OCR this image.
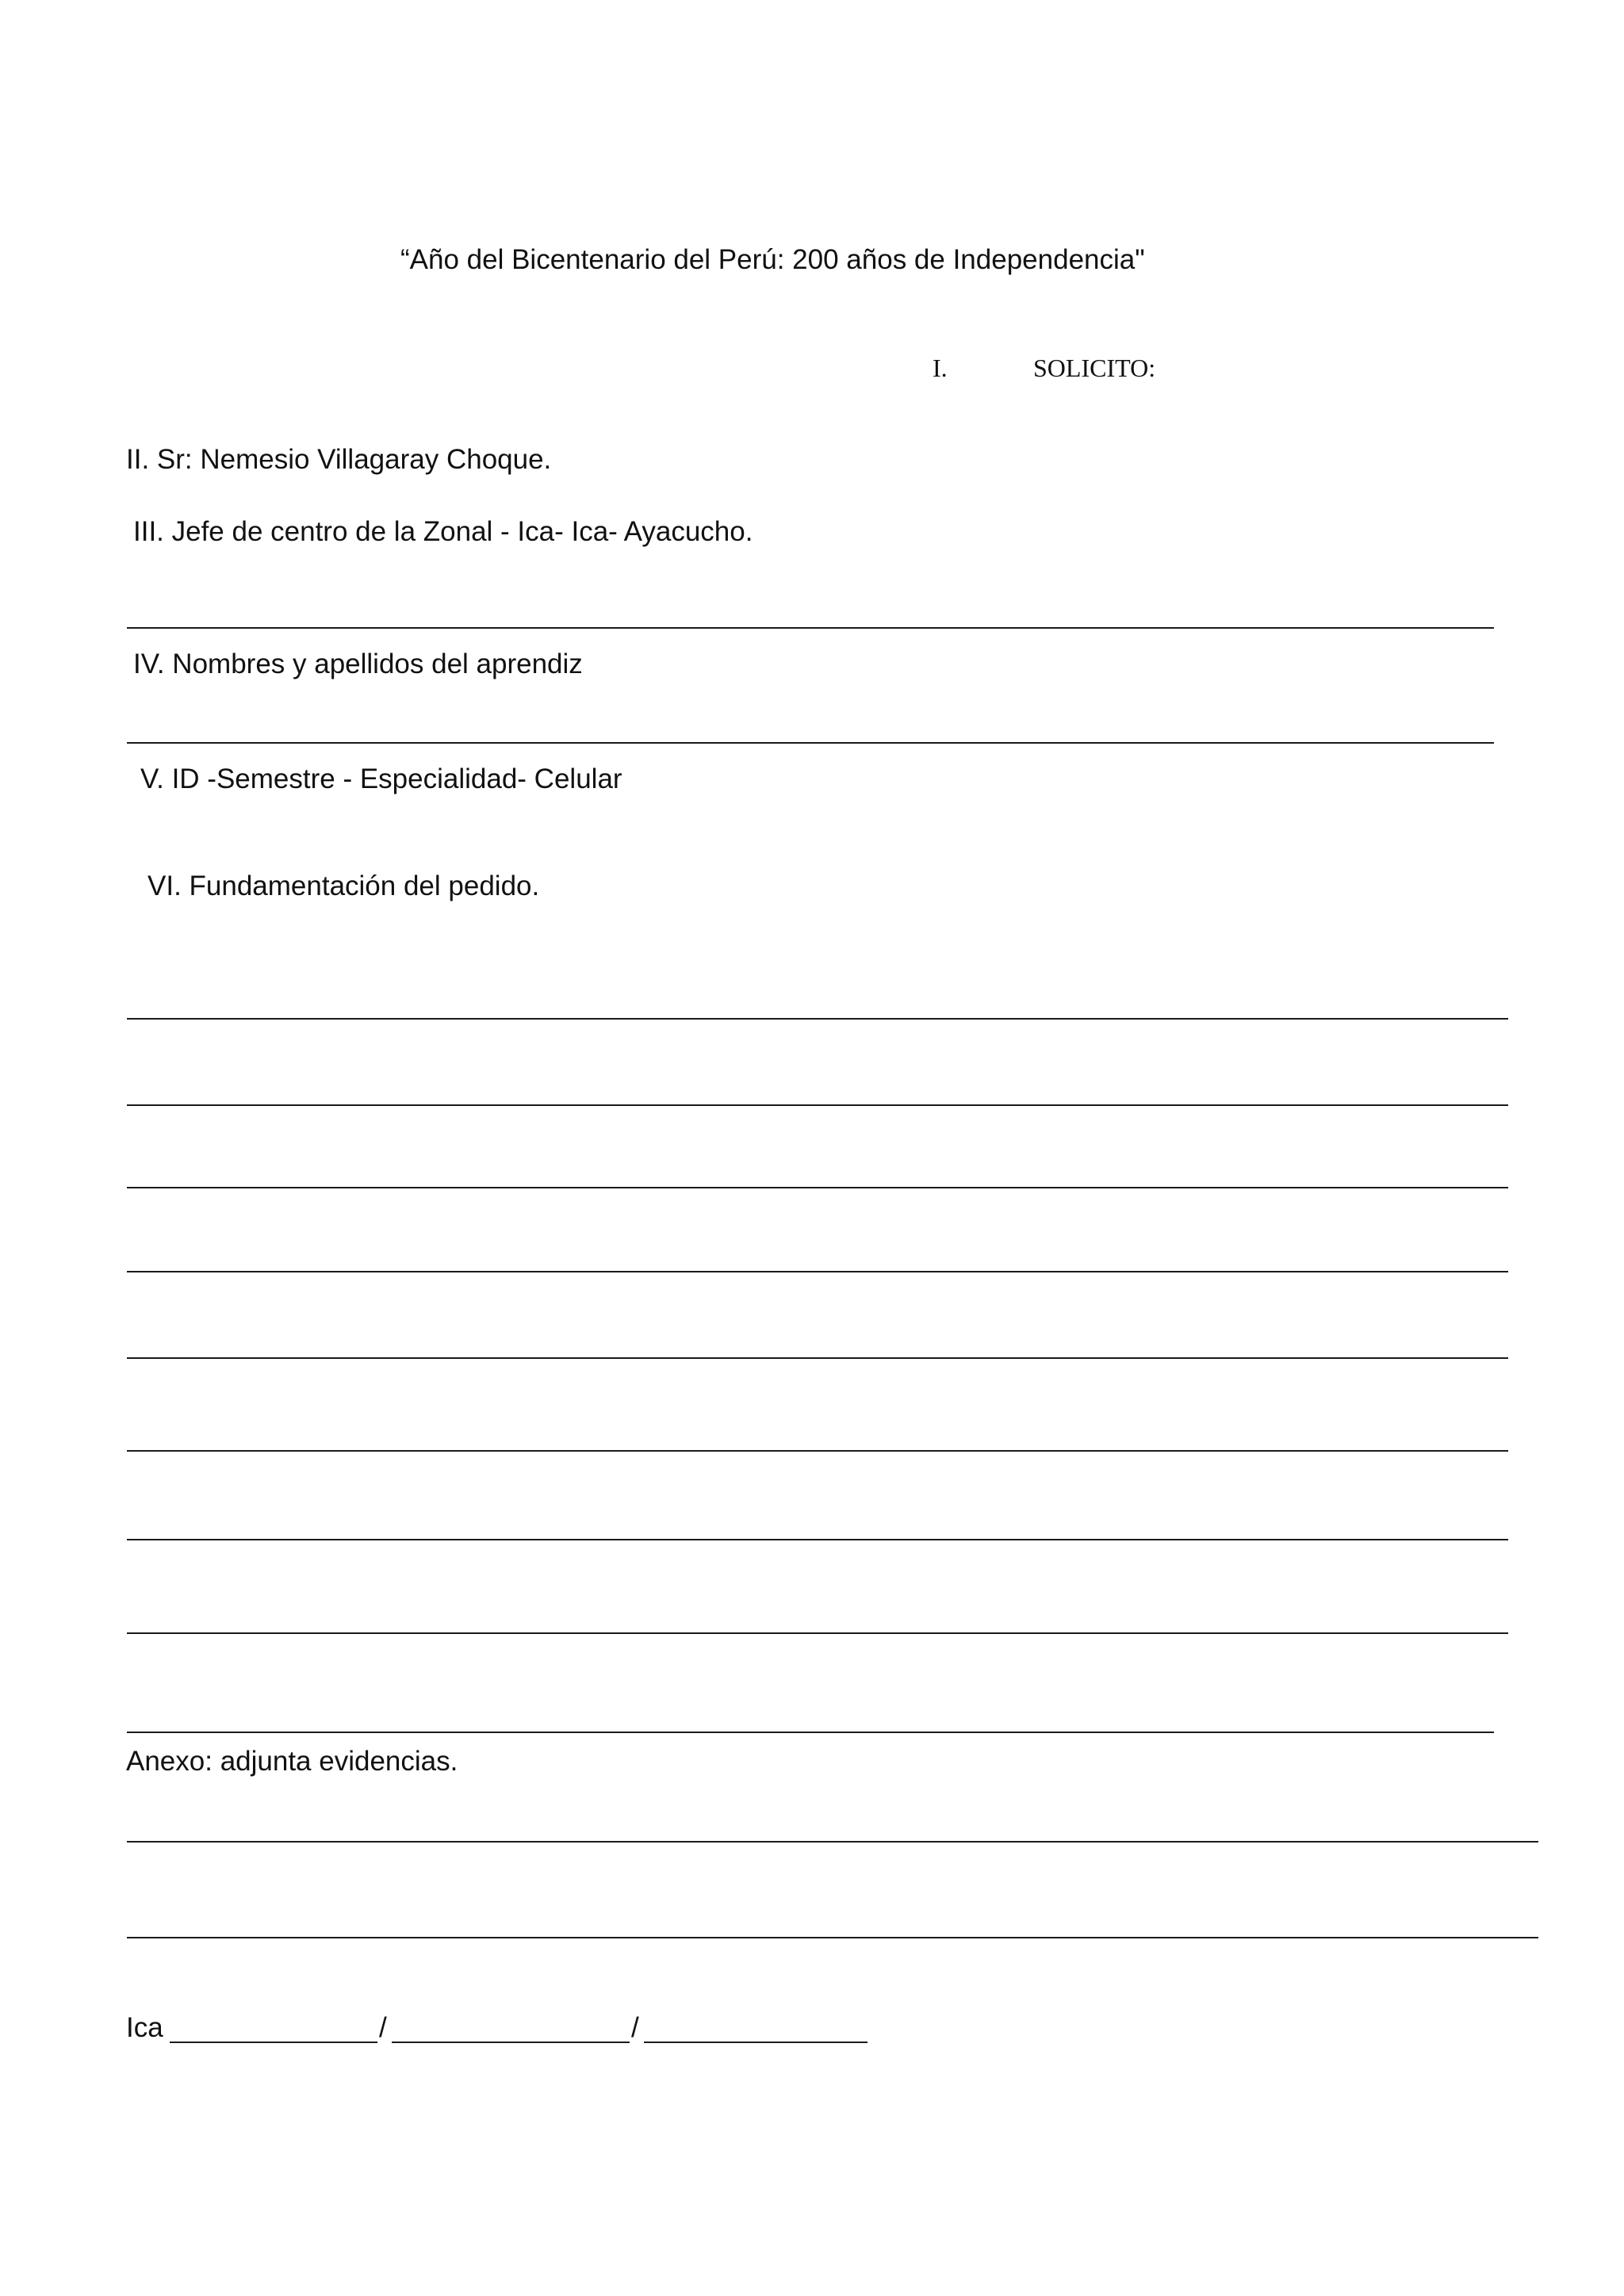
“Año del Bicentenario del Perú: 200 años de Independencia"
I.	SOLICITO:
II. Sr: Nemesio Villagaray Choque.
III. Jefe de centro de la Zonal - Ica- Ica- Ayacucho.
IV. Nombres y apellidos del aprendiz
V. ID -Semestre - Especialidad- Celular
VI. Fundamentación del pedido.
Anexo: adjunta evidencias.
Ica	/	/
